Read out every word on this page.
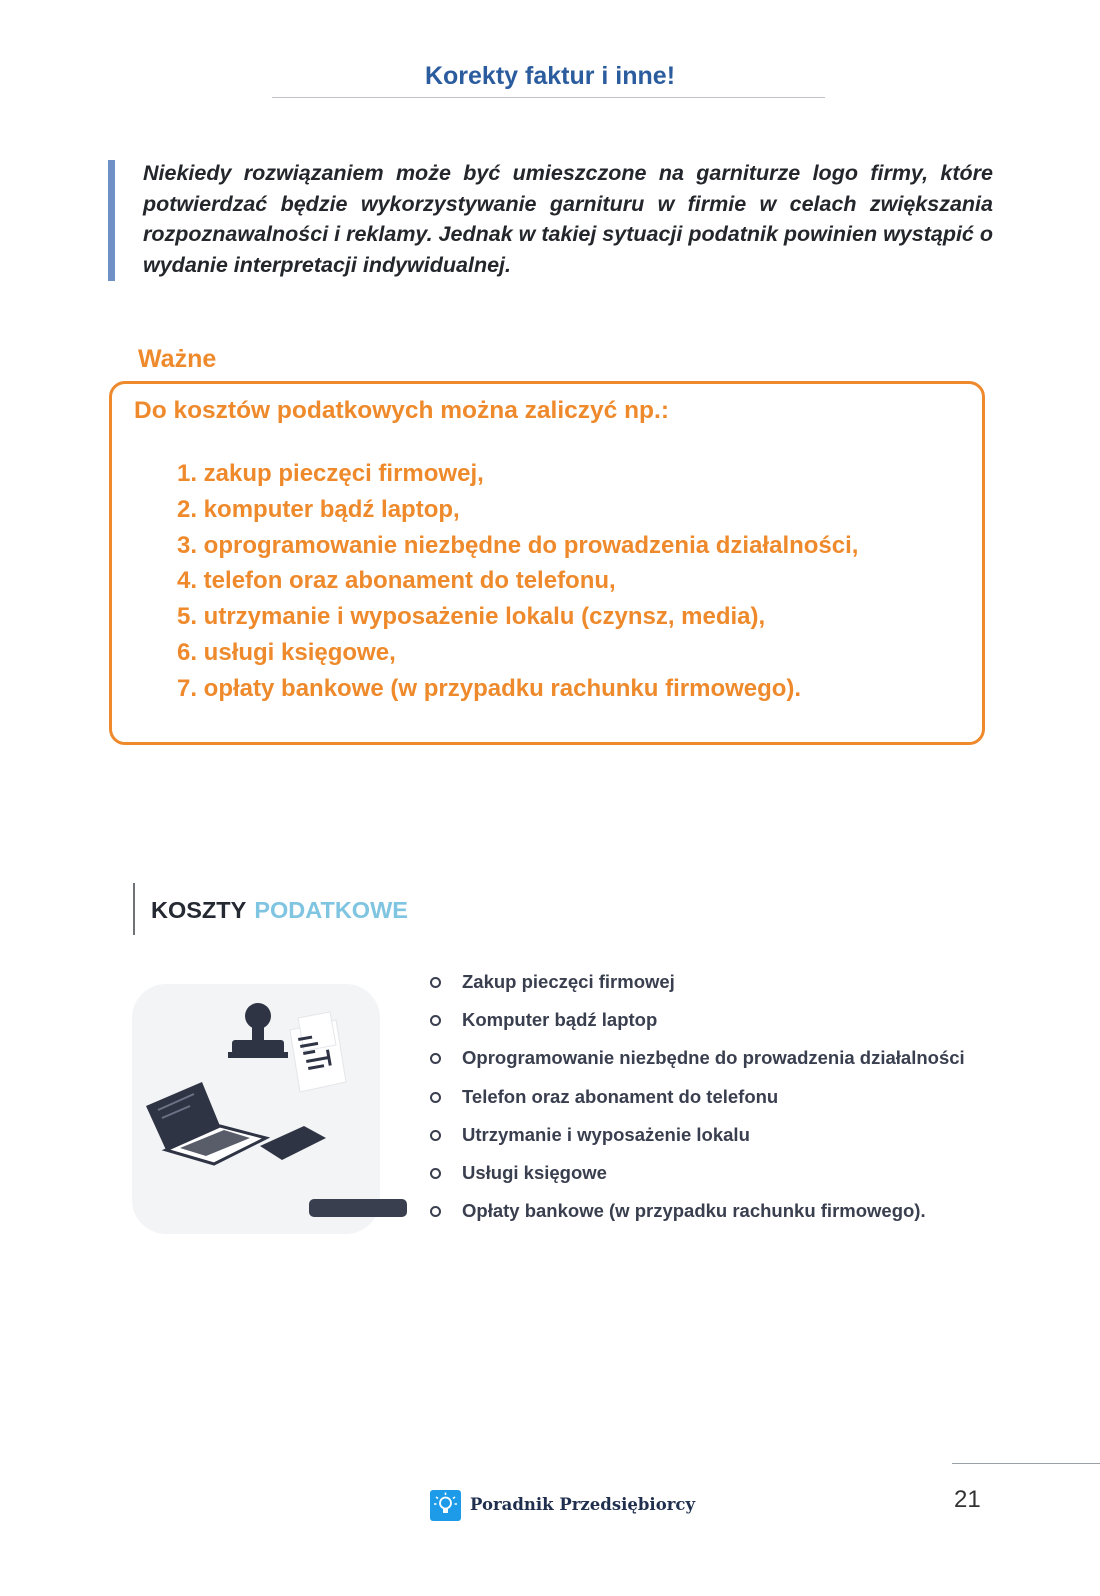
Korekty faktur i inne!
Niekiedy rozwiązaniem może być umieszczone na garniturze logo firmy, które potwierdzać będzie wykorzystywanie garnituru w firmie w celach zwiększania rozpoznawalności i reklamy. Jednak w takiej sytuacji podatnik powinien wystąpić o wydanie interpretacji indywidualnej.
Ważne
Do kosztów podatkowych można zaliczyć np.:
1. zakup pieczęci firmowej,
2. komputer bądź laptop,
3. oprogramowanie niezbędne do prowadzenia działalności,
4. telefon oraz abonament do telefonu,
5. utrzymanie i wyposażenie lokalu (czynsz, media),
6. usługi księgowe,
7. opłaty bankowe (w przypadku rachunku firmowego).
KOSZTY PODATKOWE
Zakup pieczęci firmowej
Komputer bądź laptop
Oprogramowanie niezbędne do prowadzenia działalności
Telefon oraz abonament do telefonu
Utrzymanie i wyposażenie lokalu
Usługi księgowe
Opłaty bankowe (w przypadku rachunku firmowego).
Poradnik Przedsiębiorcy	21
